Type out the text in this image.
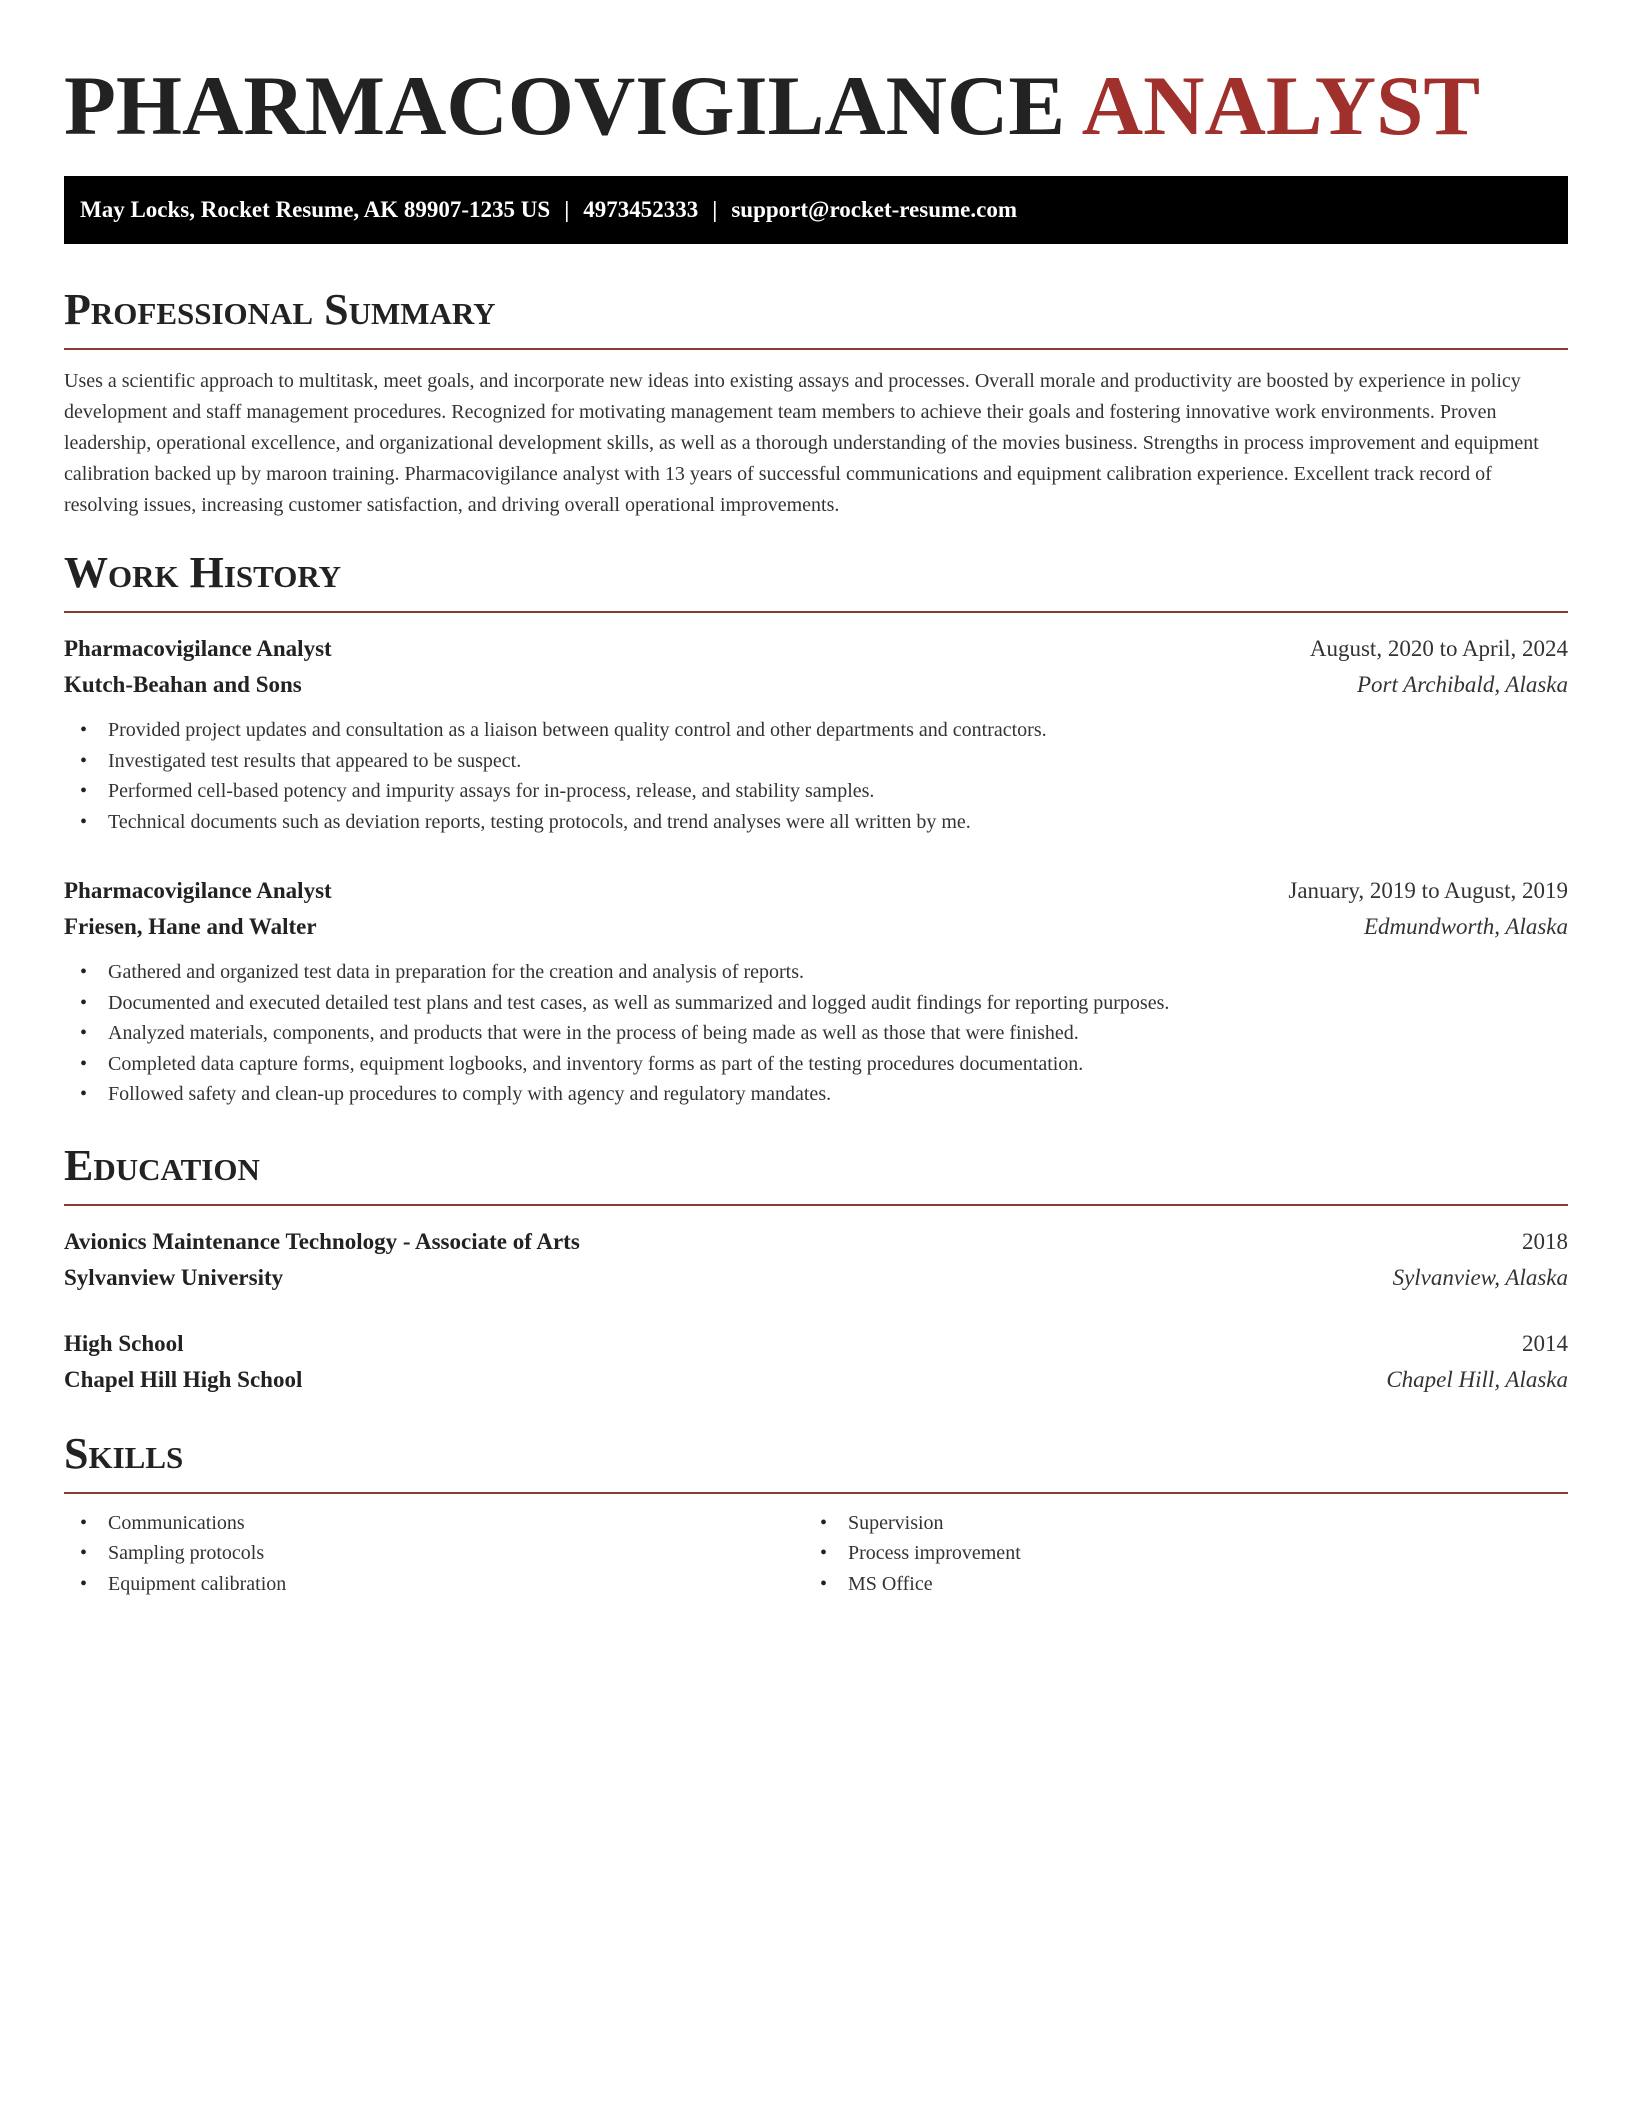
PHARMACOVIGILANCE ANALYST
May Locks, Rocket Resume, AK 89907-1235 US | 4973452333 | support@rocket-resume.com
Professional Summary
Uses a scientific approach to multitask, meet goals, and incorporate new ideas into existing assays and processes. Overall morale and productivity are boosted by experience in policy development and staff management procedures. Recognized for motivating management team members to achieve their goals and fostering innovative work environments. Proven leadership, operational excellence, and organizational development skills, as well as a thorough understanding of the movies business. Strengths in process improvement and equipment calibration backed up by maroon training. Pharmacovigilance analyst with 13 years of successful communications and equipment calibration experience. Excellent track record of resolving issues, increasing customer satisfaction, and driving overall operational improvements.
Work History
Pharmacovigilance Analyst	August, 2020 to April, 2024
Kutch-Beahan and Sons	Port Archibald, Alaska
• Provided project updates and consultation as a liaison between quality control and other departments and contractors.
• Investigated test results that appeared to be suspect.
• Performed cell-based potency and impurity assays for in-process, release, and stability samples.
• Technical documents such as deviation reports, testing protocols, and trend analyses were all written by me.
Pharmacovigilance Analyst	January, 2019 to August, 2019
Friesen, Hane and Walter	Edmundworth, Alaska
• Gathered and organized test data in preparation for the creation and analysis of reports.
• Documented and executed detailed test plans and test cases, as well as summarized and logged audit findings for reporting purposes.
• Analyzed materials, components, and products that were in the process of being made as well as those that were finished.
• Completed data capture forms, equipment logbooks, and inventory forms as part of the testing procedures documentation.
• Followed safety and clean-up procedures to comply with agency and regulatory mandates.
Education
Avionics Maintenance Technology - Associate of Arts	2018
Sylvanview University	Sylvanview, Alaska
High School	2014
Chapel Hill High School	Chapel Hill, Alaska
Skills
• Communications
• Sampling protocols
• Equipment calibration
• Supervision
• Process improvement
• MS Office
